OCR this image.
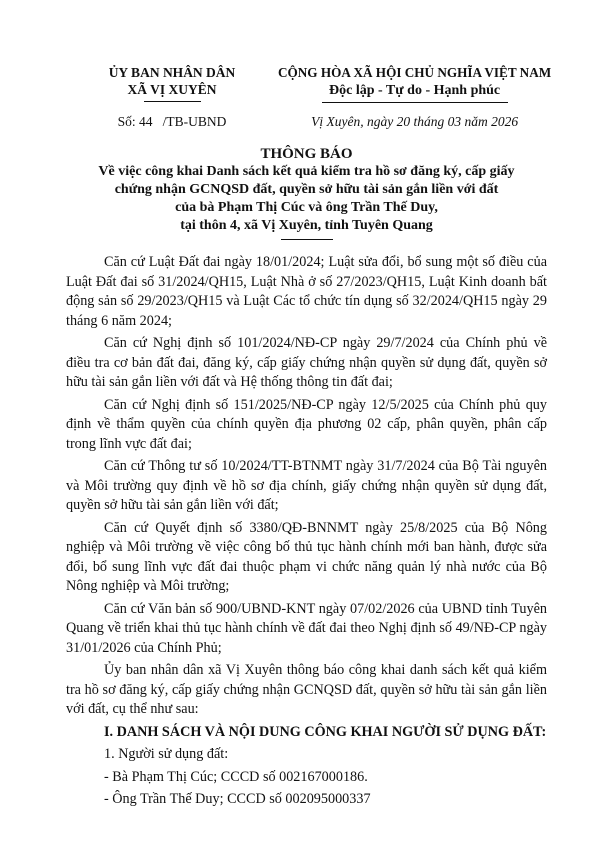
ỦY BAN NHÂN DÂN
XÃ VỊ XUYÊN
Số: 44   /TB-UBND
CỘNG HÒA XÃ HỘI CHỦ NGHĨA VIỆT NAM
Độc lập - Tự do - Hạnh phúc
Vị Xuyên, ngày 20 tháng 03 năm 2026
THÔNG BÁO
Về việc công khai Danh sách kết quả kiểm tra hồ sơ đăng ký, cấp giấy
chứng nhận GCNQSD đất, quyền sở hữu tài sản gắn liền với đất
của bà Phạm Thị Cúc và ông Trần Thế Duy,
tại thôn 4, xã Vị Xuyên, tỉnh Tuyên Quang

Căn cứ Luật Đất đai ngày 18/01/2024; Luật sửa đổi, bổ sung một số điều của Luật Đất đai số 31/2024/QH15, Luật Nhà ở số 27/2023/QH15, Luật Kinh doanh bất động sản số 29/2023/QH15 và Luật Các tổ chức tín dụng số 32/2024/QH15 ngày 29 tháng 6 năm 2024;

Căn cứ Nghị định số 101/2024/NĐ-CP ngày 29/7/2024 của Chính phủ về điều tra cơ bản đất đai, đăng ký, cấp giấy chứng nhận quyền sử dụng đất, quyền sở hữu tài sản gắn liền với đất và Hệ thống thông tin đất đai;

Căn cứ Nghị định số 151/2025/NĐ-CP ngày 12/5/2025 của Chính phủ quy định về thẩm quyền của chính quyền địa phương 02 cấp, phân quyền, phân cấp trong lĩnh vực đất đai;

Căn cứ Thông tư số 10/2024/TT-BTNMT ngày 31/7/2024 của Bộ Tài nguyên và Môi trường quy định về hồ sơ địa chính, giấy chứng nhận quyền sử dụng đất, quyền sở hữu tài sản gắn liền với đất;

Căn cứ Quyết định số 3380/QĐ-BNNMT ngày 25/8/2025 của Bộ Nông nghiệp và Môi trường về việc công bố thủ tục hành chính mới ban hành, được sửa đổi, bổ sung lĩnh vực đất đai thuộc phạm vi chức năng quản lý nhà nước của Bộ Nông nghiệp và Môi trường;

Căn cứ Văn bản số 900/UBND-KNT ngày 07/02/2026 của UBND tỉnh Tuyên Quang về triển khai thủ tục hành chính về đất đai theo Nghị định số 49/NĐ-CP ngày 31/01/2026 của Chính Phủ;

Ủy ban nhân dân xã Vị Xuyên thông báo công khai danh sách kết quả kiểm tra hồ sơ đăng ký, cấp giấy chứng nhận GCNQSD đất, quyền sở hữu tài sản gắn liền với đất, cụ thể như sau:

I. DANH SÁCH VÀ NỘI DUNG CÔNG KHAI NGƯỜI SỬ DỤNG ĐẤT:

1. Người sử dụng đất:

- Bà Phạm Thị Cúc; CCCD số 002167000186.

- Ông Trần Thế Duy; CCCD số 002095000337
